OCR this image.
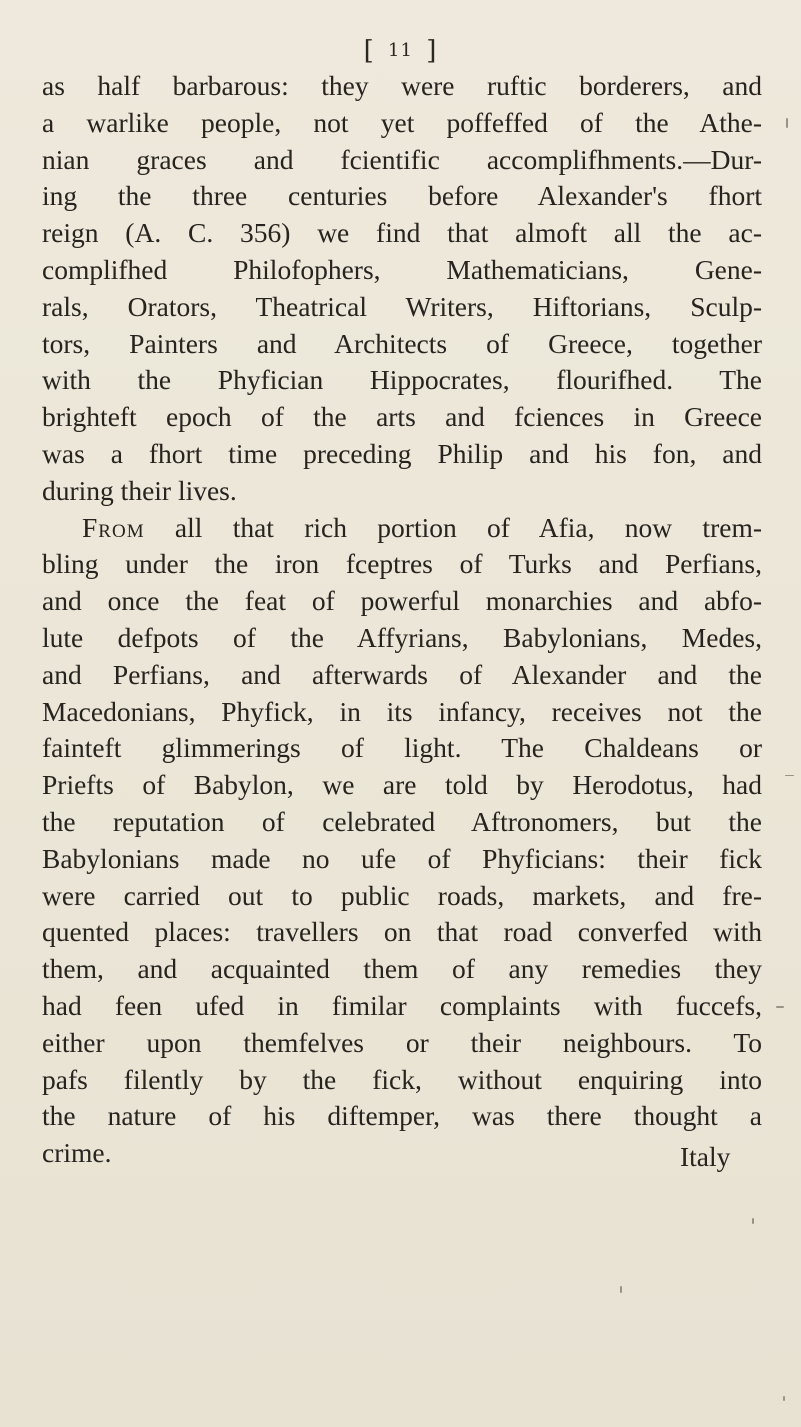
[ 11 ]
as half barbarous: they were ruftic borderers, and
a warlike people, not yet poffeffed of the Athe-
nian graces and fcientific accomplifhments.—Dur-
ing the three centuries before Alexander's fhort
reign (A. C. 356) we find that almoft all the ac-
complifhed Philofophers, Mathematicians, Gene-
rals, Orators, Theatrical Writers, Hiftorians, Sculp-
tors, Painters and Architects of Greece, together
with the Phyfician Hippocrates, flourifhed. The
brighteft epoch of the arts and fciences in Greece
was a fhort time preceding Philip and his fon, and
during their lives.
From all that rich portion of Afia, now trem-
bling under the iron fceptres of Turks and Perfians,
and once the feat of powerful monarchies and abfo-
lute defpots of the Affyrians, Babylonians, Medes,
and Perfians, and afterwards of Alexander and the
Macedonians, Phyfick, in its infancy, receives not the
fainteft glimmerings of light. The Chaldeans or
Priefts of Babylon, we are told by Herodotus, had
the reputation of celebrated Aftronomers, but the
Babylonians made no ufe of Phyficians: their fick
were carried out to public roads, markets, and fre-
quented places: travellers on that road converfed with
them, and acquainted them of any remedies they
had feen ufed in fimilar complaints with fuccefs,
either upon themfelves or their neighbours. To
pafs filently by the fick, without enquiring into
the nature of his diftemper, was there thought a
crime.	Italy
